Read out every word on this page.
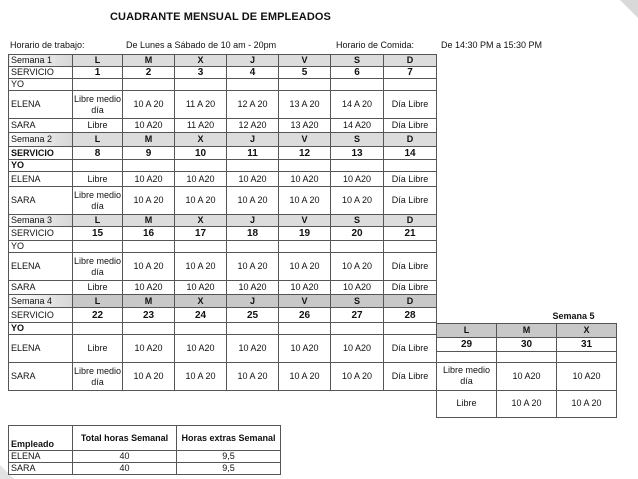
CUADRANTE MENSUAL DE EMPLEADOS
Horario de trabajo:	De Lunes a Sábado de 10 am - 20pm	Horario de Comida:	De 14:30 PM a 15:30 PM
Semana 1	L	M	X	J	V	S	D
SERVICIO	1	2	3	4	5	6	7
YO							
ELENA	Libre medio día	10 A 20	11 A 20	12 A 20	13 A 20	14 A 20	Día Libre
SARA	Libre	10 A20	11 A20	12 A20	13 A20	14 A20	Día Libre
Semana 2	L	M	X	J	V	S	D
SERVICIO	8	9	10	11	12	13	14
YO							
ELENA	Libre	10 A20	10 A20	10 A20	10 A20	10 A20	Día Libre
SARA	Libre medio día	10 A 20	10 A 20	10 A 20	10 A 20	10 A 20	Día Libre
Semana 3	L	M	X	J	V	S	D
SERVICIO	15	16	17	18	19	20	21
YO							
ELENA	Libre medio día	10 A 20	10 A 20	10 A 20	10 A 20	10 A 20	Día Libre
SARA	Libre	10 A20	10 A20	10 A20	10 A20	10 A20	Día Libre
Semana 4	L	M	X	J	V	S	D
SERVICIO	22	23	24	25	26	27	28
YO							
ELENA	Libre	10 A20	10 A20	10 A20	10 A20	10 A20	Día Libre
SARA	Libre medio día	10 A 20	10 A 20	10 A 20	10 A 20	10 A 20	Día Libre
Semana 5		
L	M	X
29	30	31

Libre medio día	10 A20	10 A20
Libre	10 A 20	10 A 20
Empleado	Total horas Semanal	Horas extras Semanal
ELENA	40	9,5
SARA	40	9,5
